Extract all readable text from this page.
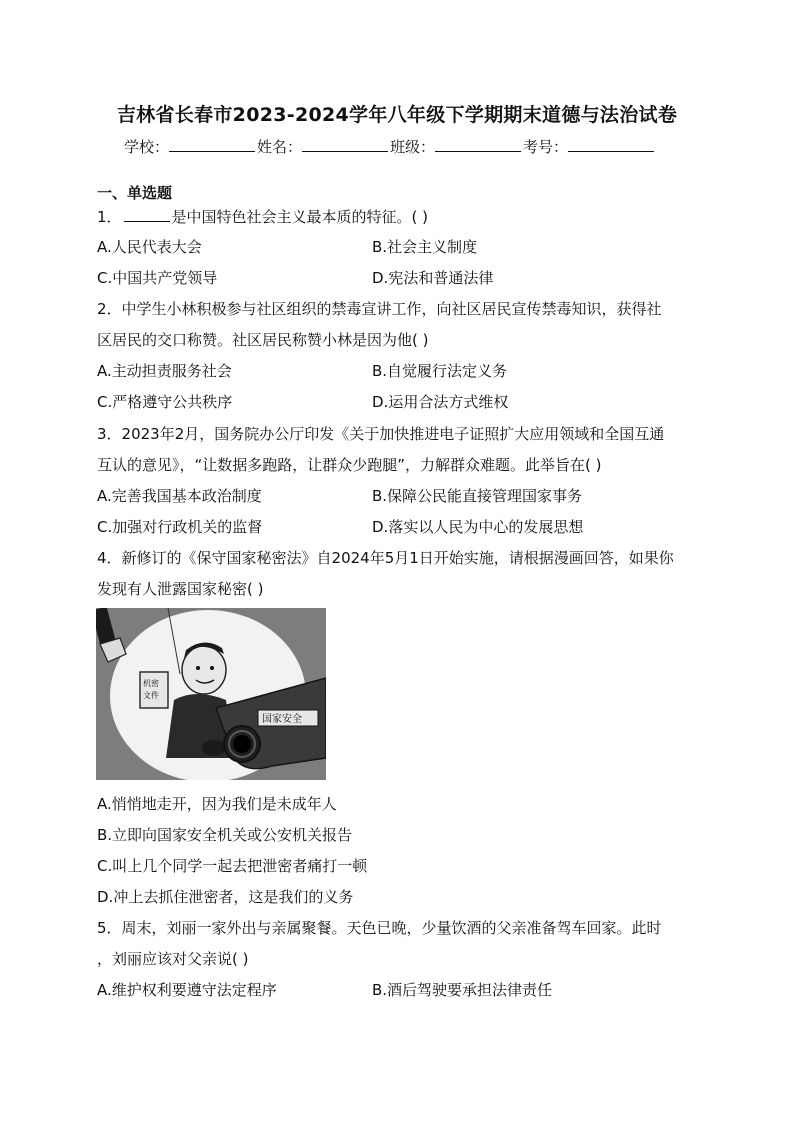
吉林省长春市2023-2024学年八年级下学期期末道德与法治试卷
学校：	姓名：	班级：	考号：
一、单选题
1．	是中国特色社会主义最本质的特征。( )
A.人民代表大会	B.社会主义制度
C.中国共产党领导	D.宪法和普通法律
2．中学生小林积极参与社区组织的禁毒宣讲工作，向社区居民宣传禁毒知识，获得社
区居民的交口称赞。社区居民称赞小林是因为他( )
A.主动担责服务社会	B.自觉履行法定义务
C.严格遵守公共秩序	D.运用合法方式维权
3．2023年2月，国务院办公厅印发《关于加快推进电子证照扩大应用领域和全国互通
互认的意见》，“让数据多跑路，让群众少跑腿”，力解群众难题。此举旨在( )
A.完善我国基本政治制度	B.保障公民能直接管理国家事务
C.加强对行政机关的监督	D.落实以人民为中心的发展思想
4．新修订的《保守国家秘密法》自2024年5月1日开始实施，请根据漫画回答，如果你
发现有人泄露国家秘密( )
机密
文件
国家安全
A.悄悄地走开，因为我们是未成年人
B.立即向国家安全机关或公安机关报告
C.叫上几个同学一起去把泄密者痛打一顿
D.冲上去抓住泄密者，这是我们的义务
5．周末，刘丽一家外出与亲属聚餐。天色已晚，少量饮酒的父亲准备驾车回家。此时
，刘丽应该对父亲说( )
A.维护权利要遵守法定程序	B.酒后驾驶要承担法律责任
